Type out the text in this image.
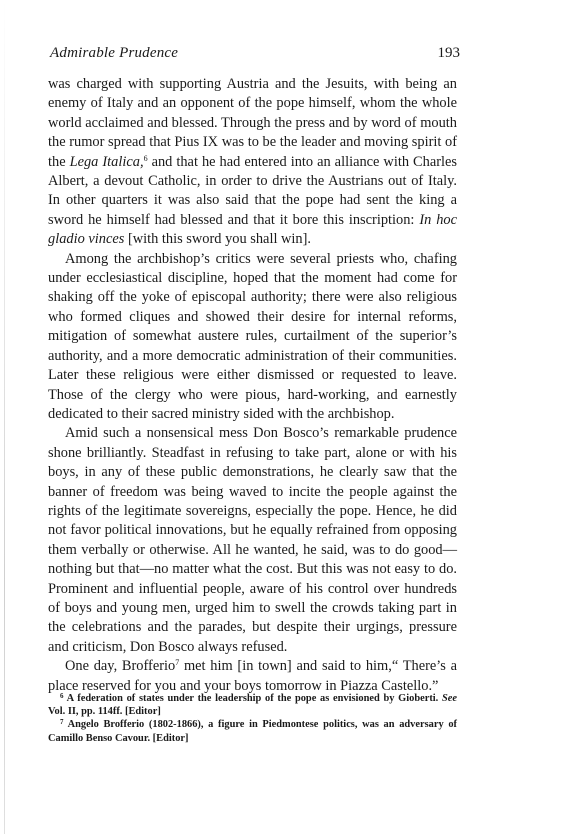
Admirable Prudence	193

was charged with supporting Austria and the Jesuits, with being an enemy of Italy and an opponent of the pope himself, whom the whole world acclaimed and blessed. Through the press and by word of mouth the rumor spread that Pius IX was to be the leader and moving spirit of the Lega Italica,$^6$ and that he had entered into an alliance with Charles Albert, a devout Catholic, in order to drive the Austrians out of Italy. In other quarters it was also said that the pope had sent the king a sword he himself had blessed and that it bore this inscription: In hoc gladio vinces [with this sword you shall win].

Among the archbishop’s critics were several priests who, chafing under ecclesiastical discipline, hoped that the moment had come for shaking off the yoke of episcopal authority; there were also religious who formed cliques and showed their desire for internal reforms, mitigation of somewhat austere rules, curtailment of the superior’s authority, and a more democratic administration of their communities. Later these religious were either dismissed or requested to leave. Those of the clergy who were pious, hard-working, and earnestly dedicated to their sacred ministry sided with the archbishop.

Amid such a nonsensical mess Don Bosco’s remarkable prudence shone brilliantly. Steadfast in refusing to take part, alone or with his boys, in any of these public demonstrations, he clearly saw that the banner of freedom was being waved to incite the people against the rights of the legitimate sovereigns, especially the pope. Hence, he did not favor political innovations, but he equally refrained from opposing them verbally or otherwise. All he wanted, he said, was to do good—nothing but that—no matter what the cost. But this was not easy to do. Prominent and influential people, aware of his control over hundreds of boys and young men, urged him to swell the crowds taking part in the celebrations and the parades, but despite their urgings, pressure and criticism, Don Bosco always refused.

One day, Brofferio$^7$ met him [in town] and said to him,“ There’s a place reserved for you and your boys tomorrow in Piazza Castello.”

$^6$ A federation of states under the leadership of the pope as envisioned by Gioberti. See Vol. II, pp. 114ff. [Editor]

$^7$ Angelo Brofferio (1802-1866), a figure in Piedmontese politics, was an adversary of Camillo Benso Cavour. [Editor]
